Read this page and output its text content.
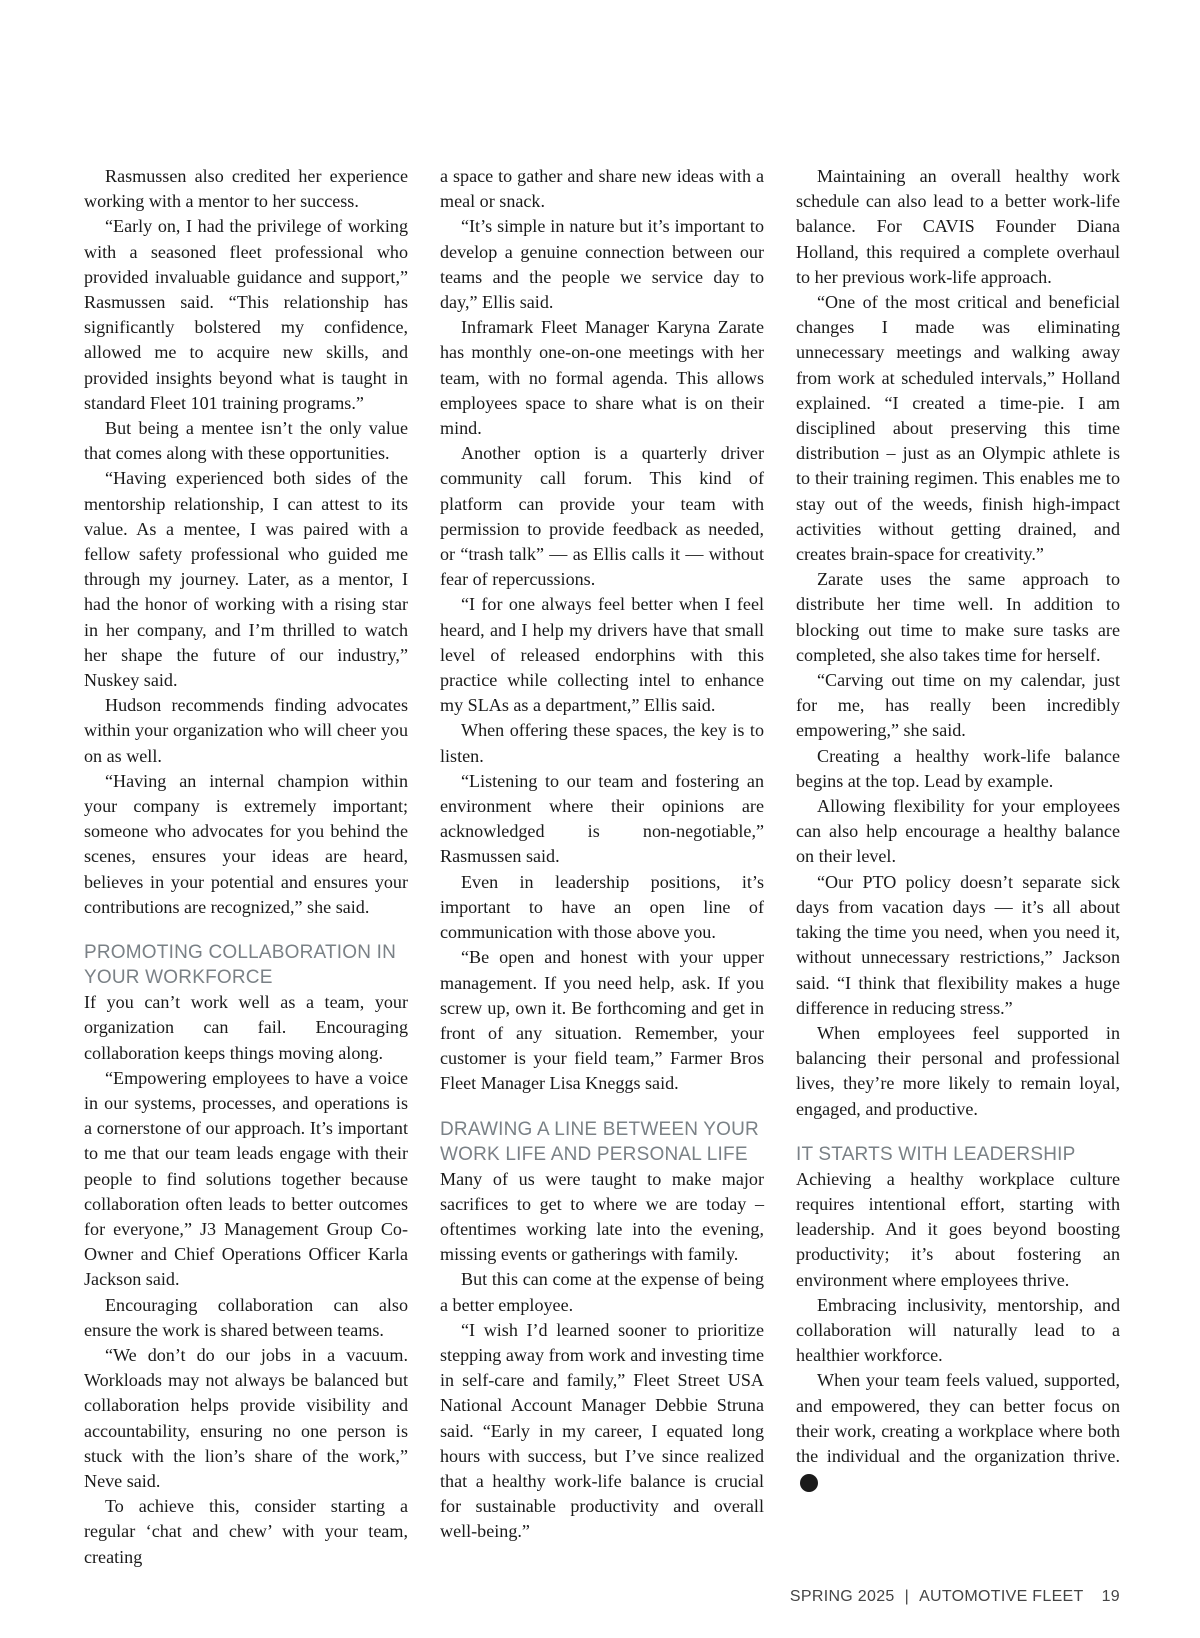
Rasmussen also credited her experience working with a mentor to her success.

“Early on, I had the privilege of working with a seasoned fleet professional who provided invaluable guidance and support,” Rasmussen said. “This relationship has significantly bolstered my confidence, allowed me to acquire new skills, and provided insights beyond what is taught in standard Fleet 101 training programs.”

But being a mentee isn’t the only value that comes along with these opportunities.

“Having experienced both sides of the mentorship relationship, I can attest to its value. As a mentee, I was paired with a fellow safety professional who guided me through my journey. Later, as a mentor, I had the honor of working with a rising star in her company, and I’m thrilled to watch her shape the future of our industry,” Nuskey said.

Hudson recommends finding advocates within your organization who will cheer you on as well.

“Having an internal champion within your company is extremely important; someone who advocates for you behind the scenes, ensures your ideas are heard, believes in your potential and ensures your contributions are recognized,” she said.

PROMOTING COLLABORATION IN YOUR WORKFORCE

If you can’t work well as a team, your organization can fail. Encouraging collaboration keeps things moving along.

“Empowering employees to have a voice in our systems, processes, and operations is a cornerstone of our approach. It’s important to me that our team leads engage with their people to find solutions together because collaboration often leads to better outcomes for everyone,” J3 Management Group Co-Owner and Chief Operations Officer Karla Jackson said.

Encouraging collaboration can also ensure the work is shared between teams.

“We don’t do our jobs in a vacuum. Workloads may not always be balanced but collaboration helps provide visibility and accountability, ensuring no one person is stuck with the lion’s share of the work,” Neve said.

To achieve this, consider starting a regular ‘chat and chew’ with your team, creating

a space to gather and share new ideas with a meal or snack.

“It’s simple in nature but it’s important to develop a genuine connection between our teams and the people we service day to day,” Ellis said.

Inframark Fleet Manager Karyna Zarate has monthly one-on-one meetings with her team, with no formal agenda. This allows employees space to share what is on their mind.

Another option is a quarterly driver community call forum. This kind of platform can provide your team with permission to provide feedback as needed, or “trash talk” — as Ellis calls it — without fear of repercussions.

“I for one always feel better when I feel heard, and I help my drivers have that small level of released endorphins with this practice while collecting intel to enhance my SLAs as a department,” Ellis said.

When offering these spaces, the key is to listen.

“Listening to our team and fostering an environment where their opinions are acknowledged is non-negotiable,” Rasmussen said.

Even in leadership positions, it’s important to have an open line of communication with those above you.

“Be open and honest with your upper management. If you need help, ask. If you screw up, own it. Be forthcoming and get in front of any situation. Remember, your customer is your field team,” Farmer Bros Fleet Manager Lisa Kneggs said.

DRAWING A LINE BETWEEN YOUR WORK LIFE AND PERSONAL LIFE

Many of us were taught to make major sacrifices to get to where we are today – oftentimes working late into the evening, missing events or gatherings with family.

But this can come at the expense of being a better employee.

“I wish I’d learned sooner to prioritize stepping away from work and investing time in self-care and family,” Fleet Street USA National Account Manager Debbie Struna said. “Early in my career, I equated long hours with success, but I’ve since realized that a healthy work-life balance is crucial for sustainable productivity and overall well-being.”

Maintaining an overall healthy work schedule can also lead to a better work-life balance. For CAVIS Founder Diana Holland, this required a complete overhaul to her previous work-life approach.

“One of the most critical and beneficial changes I made was eliminating unnecessary meetings and walking away from work at scheduled intervals,” Holland explained. “I created a time-pie. I am disciplined about preserving this time distribution – just as an Olympic athlete is to their training regimen. This enables me to stay out of the weeds, finish high-impact activities without getting drained, and creates brain-space for creativity.”

Zarate uses the same approach to distribute her time well. In addition to blocking out time to make sure tasks are completed, she also takes time for herself.

“Carving out time on my calendar, just for me, has really been incredibly empowering,” she said.

Creating a healthy work-life balance begins at the top. Lead by example.

Allowing flexibility for your employees can also help encourage a healthy balance on their level.

“Our PTO policy doesn’t separate sick days from vacation days — it’s all about taking the time you need, when you need it, without unnecessary restrictions,” Jackson said. “I think that flexibility makes a huge difference in reducing stress.”

When employees feel supported in balancing their personal and professional lives, they’re more likely to remain loyal, engaged, and productive.

IT STARTS WITH LEADERSHIP

Achieving a healthy workplace culture requires intentional effort, starting with leadership. And it goes beyond boosting productivity; it’s about fostering an environment where employees thrive.

Embracing inclusivity, mentorship, and collaboration will naturally lead to a healthier workforce.

When your team feels valued, supported, and empowered, they can better focus on their work, creating a workplace where both the individual and the organization thrive.AF

SPRING 2025 | AUTOMOTIVE FLEET 19
